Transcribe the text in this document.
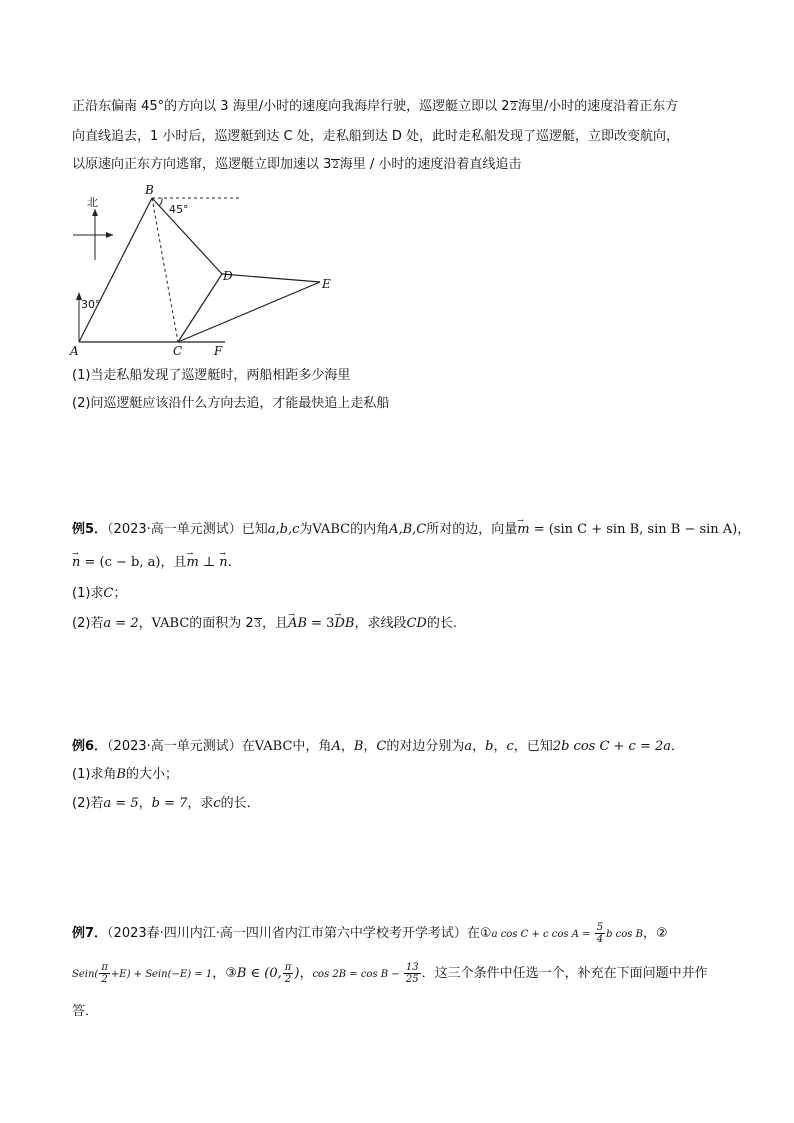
正沿东偏南 45°的方向以 3 海里/小时的速度向我海岸行驶，巡逻艇立即以 22海里/小时的速度沿着正东方
向直线追去，1 小时后，巡逻艇到达 C 处，走私船到达 D 处，此时走私船发现了巡逻艇，立即改变航向，
以原速向正东方向逃窜，巡逻艇立即加速以 32海里 / 小时的速度沿着直线追击
北
30°
45°
B
D
E
A	C	F
(1)当走私船发现了巡逻艇时，两船相距多少海里
(2)问巡逻艇应该沿什么方向去追，才能最快追上走私船
例5．（2023·高一单元测试）已知a,b,c为VABC的内角A,B,C所对的边，向量→ m = (sin C + sin B, sin B − sin A)，
→ n = (c − b, a)，且→ m ⊥ → n.
(1)求C；
(2)若a = 2，VABC的面积为 23，且→ AB = 3→ DB，求线段CD的长.
例6．（2023·高一单元测试）在VABC中，角A，B，C的对边分别为a，b，c，已知2b cos C + c = 2a．
(1)求角B的大小；
(2)若a = 5，b = 7，求c的长．
例7．（2023春·四川内江·高一四川省内江市第六中学校考开学考试）在①a cos C + c $\cos A = \frac{5}{4}$ b cos B，②
Sein( $\frac{\pi}{2} +E$) + Sein(−E) = 1，③B ∈ (0, $\frac{\pi}{2}$ )，$\cos 2B = \cos B - \frac{13}{25}$ ．这三个条件中任选一个，补充在下面问题中并作
答．
